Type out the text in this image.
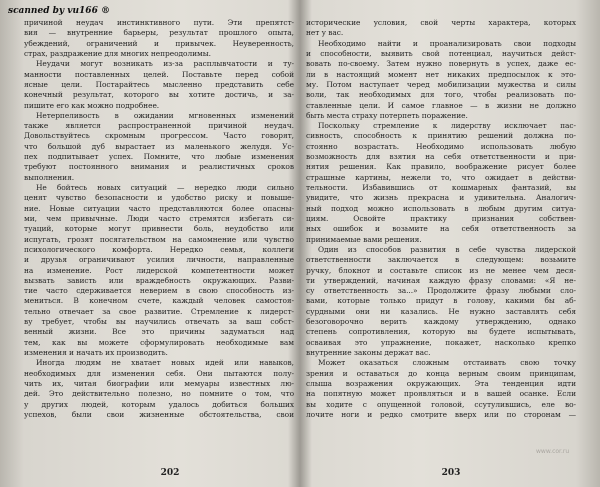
scanned by vu166 ®
причиной неудач инстинктивного пути. Эти препятст-
вия — внутренние барьеры, результат прошлого опыта,
убеждений, ограничений и привычек. Неуверенность,
страх, раздражение для многих непреодолимы.
Неудачи могут возникать из-за расплывчатости и ту-
манности поставленных целей. Поставьте перед собой
ясные цели. Постарайтесь мысленно представить себе
конечный результат, которого вы хотите достичь, и за-
пишите его как можно подробнее.
Нетерпеливость в ожидании мгновенных изменений
также является распространенной причиной неудач.
Довольствуйтесь скромным прогрессом. Часто говорят,
что большой дуб вырастает из маленького желудя. Ус-
пех подпитывает успех. Помните, что любые изменения
требуют постоянного внимания и реалистичных сроков
выполнения.
Не бойтесь новых ситуаций — нередко люди сильно
ценят чувство безопасности и удобство риску и повыше-
ние. Новые ситуации часто представляются более опасны-
ми, чем привычные. Люди часто стремятся избегать си-
туаций, которые могут привнести боль, неудобство или
испугать, грозят посягательством на самомнение или чувство
психологического комфорта. Нередко семья, коллеги
и друзья ограничивают усилия личности, направленные
на изменение. Рост лидерской компетентности может
вызвать зависть или враждебность окружающих. Разви-
тие часто сдерживается неверием в свою способность из-
мениться. В конечном счете, каждый человек самостоя-
тельно отвечает за свое развитие. Стремление к лидерст-
ву требует, чтобы вы научились отвечать за ваш собст-
венный жизни. Все это причины задуматься над
тем, как вы можете сформулировать необходимые вам
изменения и начать их производить.
Иногда людям не хватает новых идей или навыков,
необходимых для изменения себя. Они пытаются полу-
чить их, читая биографии или мемуары известных лю-
дей. Это действительно полезно, но помните о том, что
у других людей, которым удалось добиться больших
успехов, были свои жизненные обстоятельства, свои
исторические условия, свой черты характера, которых
нет у вас.
Необходимо найти и проанализировать свои подходы
и способности, выявить свой потенциал, научиться дейст-
вовать по-своему. Затем нужно повернуть в успех, даже ес-
ли в настоящий момент нет никаких предпосылок к это-
му. Потом наступает черед мобилизации мужества и силы
воли, так необходимых для того, чтобы реализовать по-
ставленные цели. И самое главное — в жизни не должно
быть места страху потерпеть поражение.
Поскольку стремление к лидерству исключает пас-
сивность, способность к принятию решений должна по-
стоянно возрастать. Необходимо использовать любую
возможность для взятия на себя ответственности и при-
нятия решения. Как правило, воображение рисует более
страшные картины, нежели то, что ожидает в действи-
тельности. Избавившись от кошмарных фантазий, вы
увидите, что жизнь прекрасна и удивительна. Аналогич-
ный подход можно использовать в любым другим ситуа-
циям. Освойте практику признания собствен-
ных ошибок и возьмите на себя ответственность за
принимаемые вами решения.
Один из способов развития в себе чувства лидерской
ответственности заключается в следующем: возьмите
ручку, блокнот и составьте список из не менее чем деся-
ти утверждений, начиная каждую фразу словами: «Я не-
су ответственность за...» Продолжите фразу любыми сло-
вами, которые только придут в голову, какими бы аб-
сурдными они ни казались. Не нужно заставлять себя
безоговорочно верить каждому утверждению, однако
степень сопротивления, которую вы будете испытывать,
осваивая это упражнение, покажет, насколько крепко
внутренние законы держат вас.
Может оказаться сложным отстаивать свою точку
зрения и оставаться до конца верным своим принципам,
слыша возражения окружающих. Эта тенденция идти
на попятную может проявляться и в вашей осанке. Если
вы ходите с опущенной головой, ссутулившись, еле во-
лочите ноги и редко смотрите вверх или по сторонам —
202	203
www.cor.ru
